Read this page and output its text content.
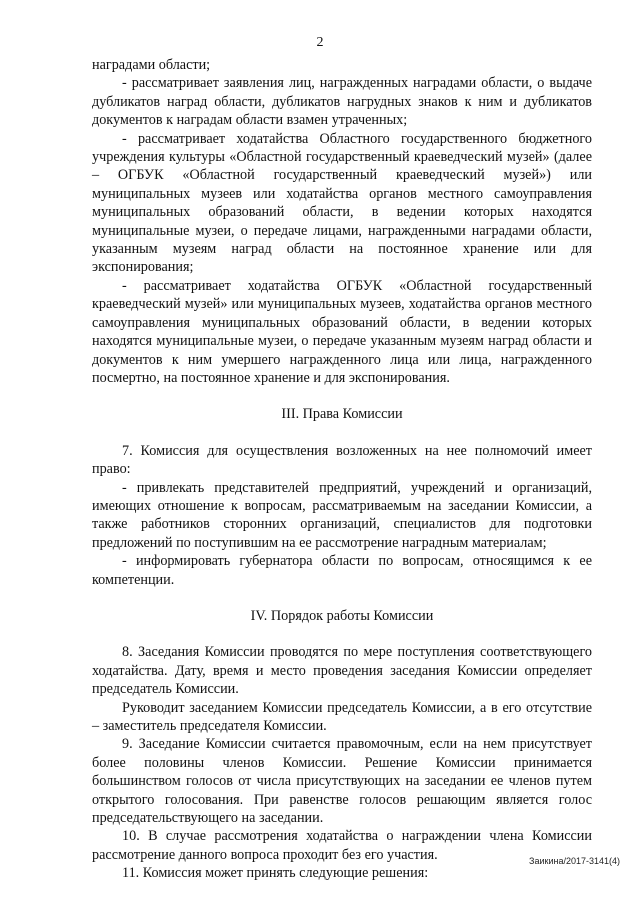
2

наградами области;

- рассматривает заявления лиц, награжденных наградами области, о выдаче дубликатов наград области, дубликатов нагрудных знаков к ним и дубликатов документов к наградам области взамен утраченных;

- рассматривает ходатайства Областного государственного бюджетного учреждения культуры «Областной государственный краеведческий музей» (далее – ОГБУК «Областной государственный краеведческий музей») или муниципальных музеев или ходатайства органов местного самоуправления муниципальных образований области, в ведении которых находятся муниципальные музеи, о передаче лицами, награжденными наградами области, указанным музеям наград области на постоянное хранение или для экспонирования;

- рассматривает ходатайства ОГБУК «Областной государственный краеведческий музей» или муниципальных музеев, ходатайства органов местного самоуправления муниципальных образований области, в ведении которых находятся муниципальные музеи, о передаче указанным музеям наград области и документов к ним умершего награжденного лица или лица, награжденного посмертно, на постоянное хранение и для экспонирования.

III. Права Комиссии

7. Комиссия для осуществления возложенных на нее полномочий имеет право:

- привлекать представителей предприятий, учреждений и организаций, имеющих отношение к вопросам, рассматриваемым на заседании Комиссии, а также работников сторонних организаций, специалистов для подготовки предложений по поступившим на ее рассмотрение наградным материалам;

- информировать губернатора области по вопросам, относящимся к ее компетенции.

IV. Порядок работы Комиссии

8. Заседания Комиссии проводятся по мере поступления соответствующего ходатайства. Дату, время и место проведения заседания Комиссии определяет председатель Комиссии.

Руководит заседанием Комиссии председатель Комиссии, а в его отсутствие – заместитель председателя Комиссии.

9. Заседание Комиссии считается правомочным, если на нем присутствует более половины членов Комиссии. Решение Комиссии принимается большинством голосов от числа присутствующих на заседании ее членов путем открытого голосования. При равенстве голосов решающим является голос председательствующего на заседании.

10. В случае рассмотрения ходатайства о награждении члена Комиссии рассмотрение данного вопроса проходит без его участия.

11. Комиссия может принять следующие решения:

Заикина/2017-3141(4)
